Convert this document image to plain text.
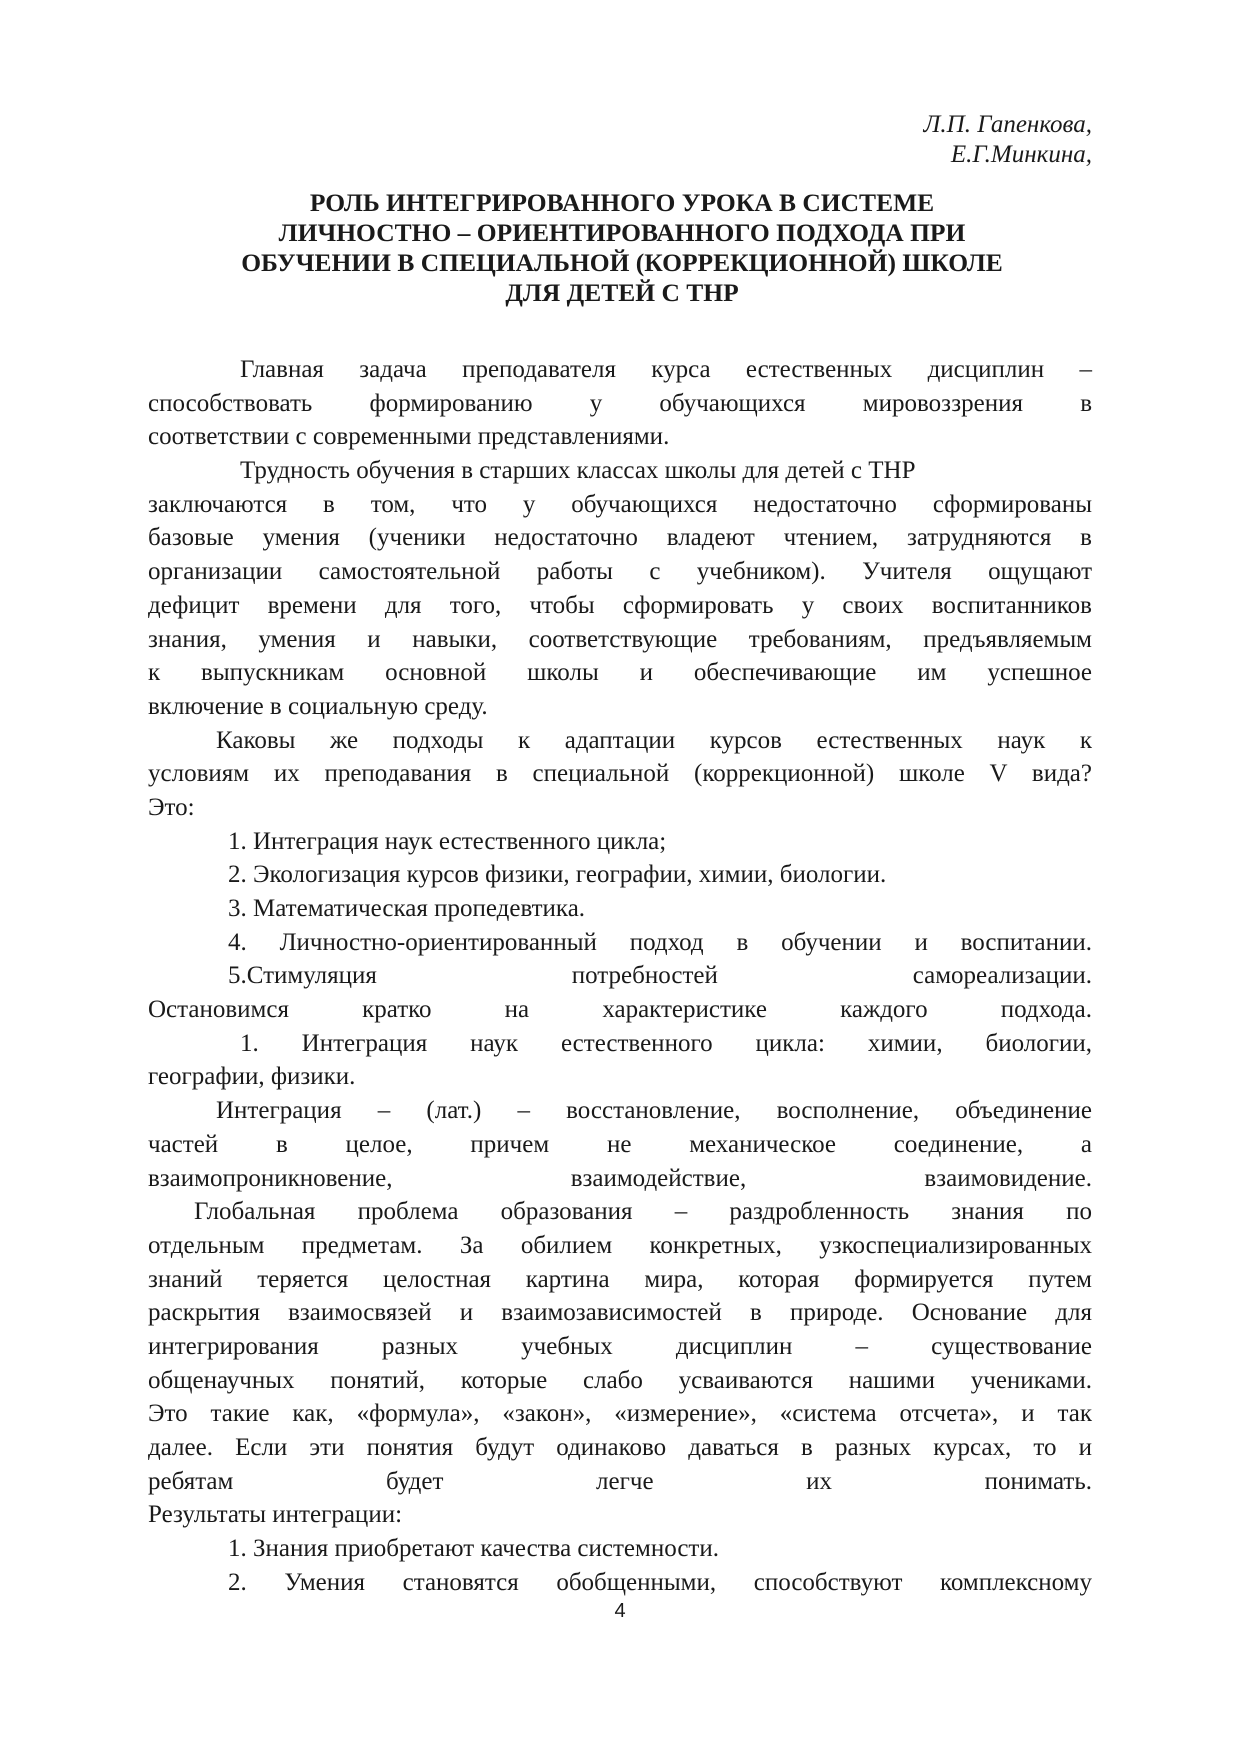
Л.П. Гапенкова,
Е.Г.Минкина,
РОЛЬ ИНТЕГРИРОВАННОГО УРОКА В СИСТЕМЕ
ЛИЧНОСТНО – ОРИЕНТИРОВАННОГО ПОДХОДА ПРИ
ОБУЧЕНИИ В СПЕЦИАЛЬНОЙ (КОРРЕКЦИОННОЙ) ШКОЛЕ
ДЛЯ ДЕТЕЙ С ТНР
Главная задача преподавателя курса естественных дисциплин –
способствовать формированию у обучающихся мировоззрения в
соответствии с современными представлениями.
Трудность обучения в старших классах школы для детей с ТНР
заключаются в том, что у обучающихся недостаточно сформированы
базовые умения (ученики недостаточно владеют чтением, затрудняются в
организации самостоятельной работы с учебником). Учителя ощущают
дефицит времени для того, чтобы сформировать у своих воспитанников
знания, умения и навыки, соответствующие требованиям, предъявляемым
к выпускникам основной школы и обеспечивающие им успешное
включение в социальную среду.
Каковы же подходы к адаптации курсов естественных наук к
условиям их преподавания в специальной (коррекционной) школе V вида?
Это:
1. Интеграция наук естественного цикла;
2. Экологизация курсов физики, географии, химии, биологии.
3. Математическая пропедевтика.
4. Личностно-ориентированный подход в обучении и воспитании.
5.Стимуляция потребностей самореализации.
Остановимся кратко на характеристике каждого подхода.
1. Интеграция наук естественного цикла: химии, биологии,
географии, физики.
Интеграция – (лат.) – восстановление, восполнение, объединение
частей в целое, причем не механическое соединение, а
взаимопроникновение, взаимодействие, взаимовидение.
Глобальная проблема образования – раздробленность знания по
отдельным предметам. За обилием конкретных, узкоспециализированных
знаний теряется целостная картина мира, которая формируется путем
раскрытия взаимосвязей и взаимозависимостей в природе. Основание для
интегрирования разных учебных дисциплин – существование
общенаучных понятий, которые слабо усваиваются нашими учениками.
Это такие как, «формула», «закон», «измерение», «система отсчета», и так
далее. Если эти понятия будут одинаково даваться в разных курсах, то и
ребятам будет легче их понимать.
Результаты интеграции:
1. Знания приобретают качества системности.
2. Умения становятся обобщенными, способствуют комплексному
4
